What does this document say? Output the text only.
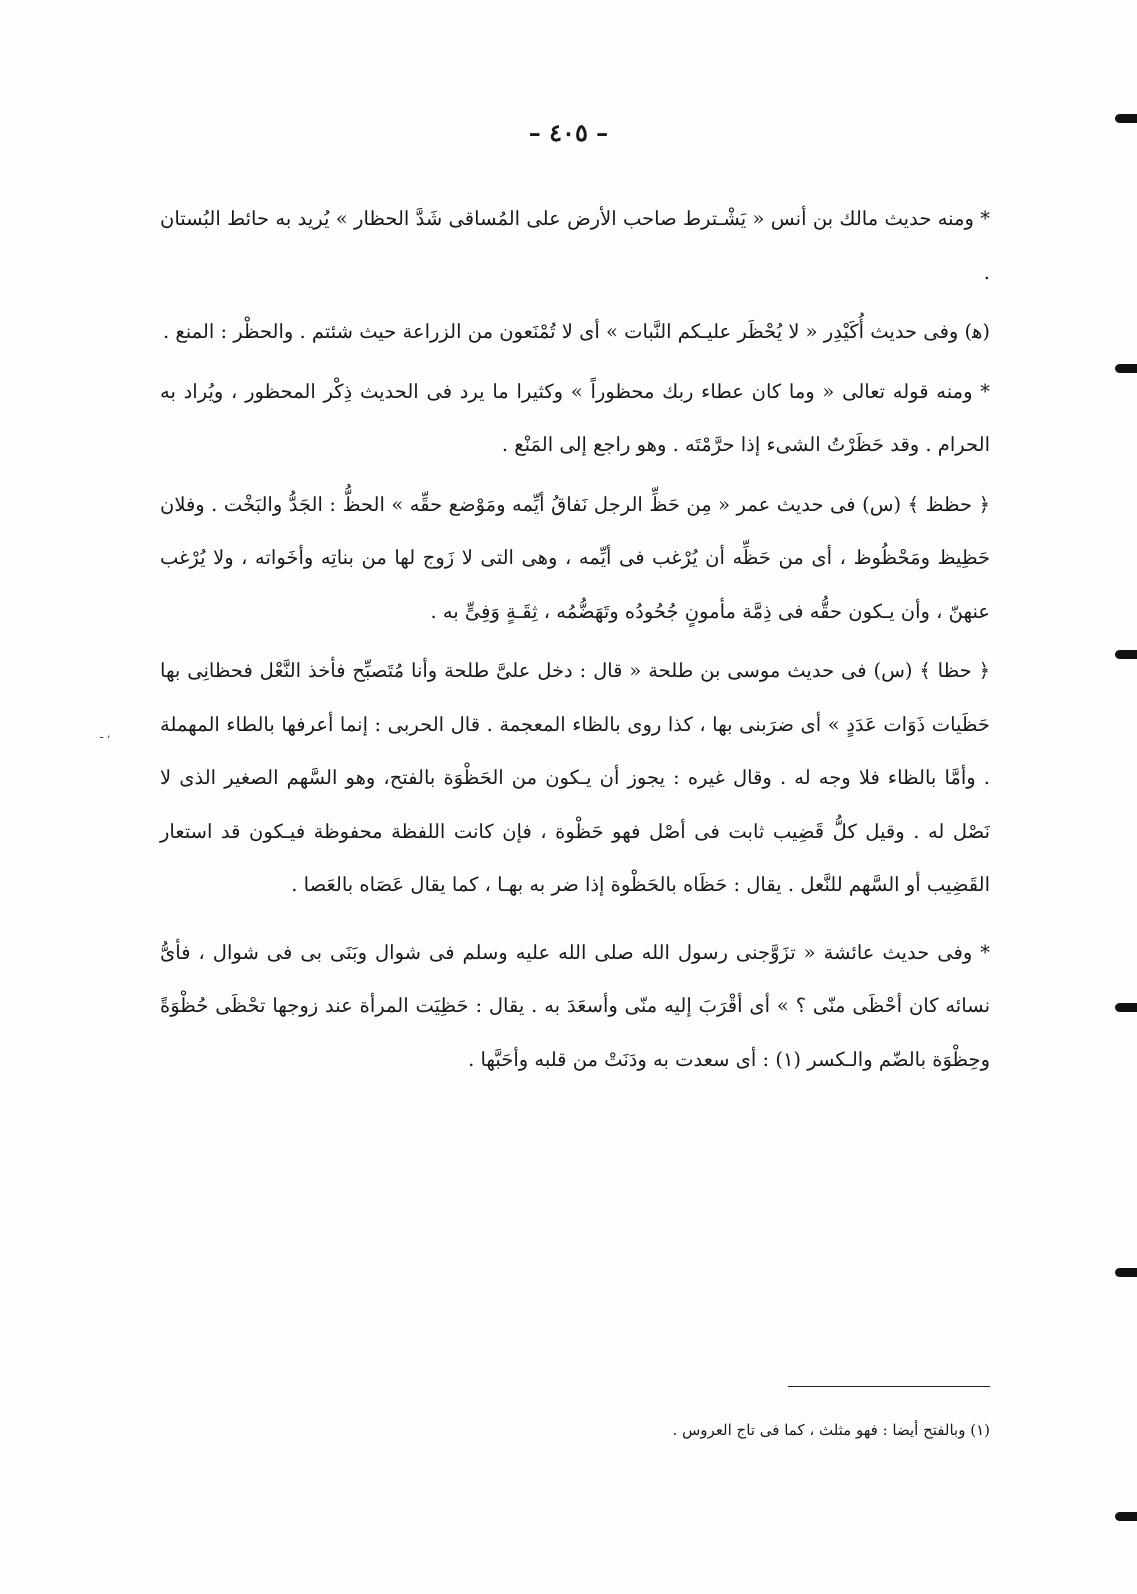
– ٤٠٥ –

* ومنه حديث مالك بن أنس « يَشْـترط صاحب الأرض على المُساقى شَدَّ الحظار » يُريد به حائط البُستان .

(ﻫ) وفى حديث أُكَيْدِر « لا يُحْظَر عليـكم النَّبات » أى لا تُمْنَعون من الزراعة حيث شئتم . والحظْر : المنع .

* ومنه قوله تعالى « وما كان عطاء ربك محظوراً » وكثيرا ما يرد فى الحديث ذِكْر المحظور ، ويُراد به الحرام . وقد حَظَرْتُ الشىء إذا حرَّمْتَه . وهو راجع إلى المَنْع .

﴿ حظظ ﴾ (س) فى حديث عمر « مِن حَظِّ الرجل نَفاقُ أيِّمه ومَوْضع حقِّه » الحظُّ : الجَدُّ والبَخْت . وفلان حَظِيظ ومَحْظُوظ ، أى من حَظِّه أن يُرْغب فى أيِّمه ، وهى التى لا زَوج لها من بناتِه وأخَواته ، ولا يُرْغب عنهنّ ، وأن يـكون حقُّه فى ذِمَّة مأمونٍ جُحُودُه وتَهَضُّمُه ، ثِقَـةٍ وَفِىٍّ به .

﴿ حظا ﴾ (س) فى حديث موسى بن طلحة « قال : دخل علىَّ طلحة وأنا مُتَصبِّح فأخذ النَّعْل فحظانِى بها حَظَيات ذَوَات عَدَدٍ » أى ضرَبنى بها ، كذا روى بالظاء المعجمة . قال الحربى : إنما أعرفها بالطاء المهملة . وأمَّا بالظاء فلا وجه له . وقال غيره : يجوز أن يـكون من الحَظْوَة بالفتح، وهو السَّهم الصغير الذى لا نَصْل له . وقيل كلُّ قَضِيب ثابت فى أصْل فهو حَظْوة ، فإن كانت اللفظة محفوظة فيـكون قد استعار القَضِيب أو السَّهم للنَّعل . يقال : حَظَاه بالحَظْوة إذا ضر به بهـا ، كما يقال عَصَاه بالعَصا .

* وفى حديث عائشة « تزَوَّجنى رسول الله صلى الله عليه وسلم فى شوال وبَنَى بى فى شوال ، فأىُّ نسائه كان أحْظَى منّى ؟ » أى أقْرَبَ إليه منّى وأسعَدَ به . يقال : حَظِيَت المرأة عند زوجها تحْظَى حُظْوَةً وحِظْوَة بالضّم والـكسر (١) : أى سعدت به ودَنَتْ من قلبه وأحَبَّها .

(١) وبالفتح أيضا : فهو مثلث ، كما فى تاج العروس .
ـ ،
